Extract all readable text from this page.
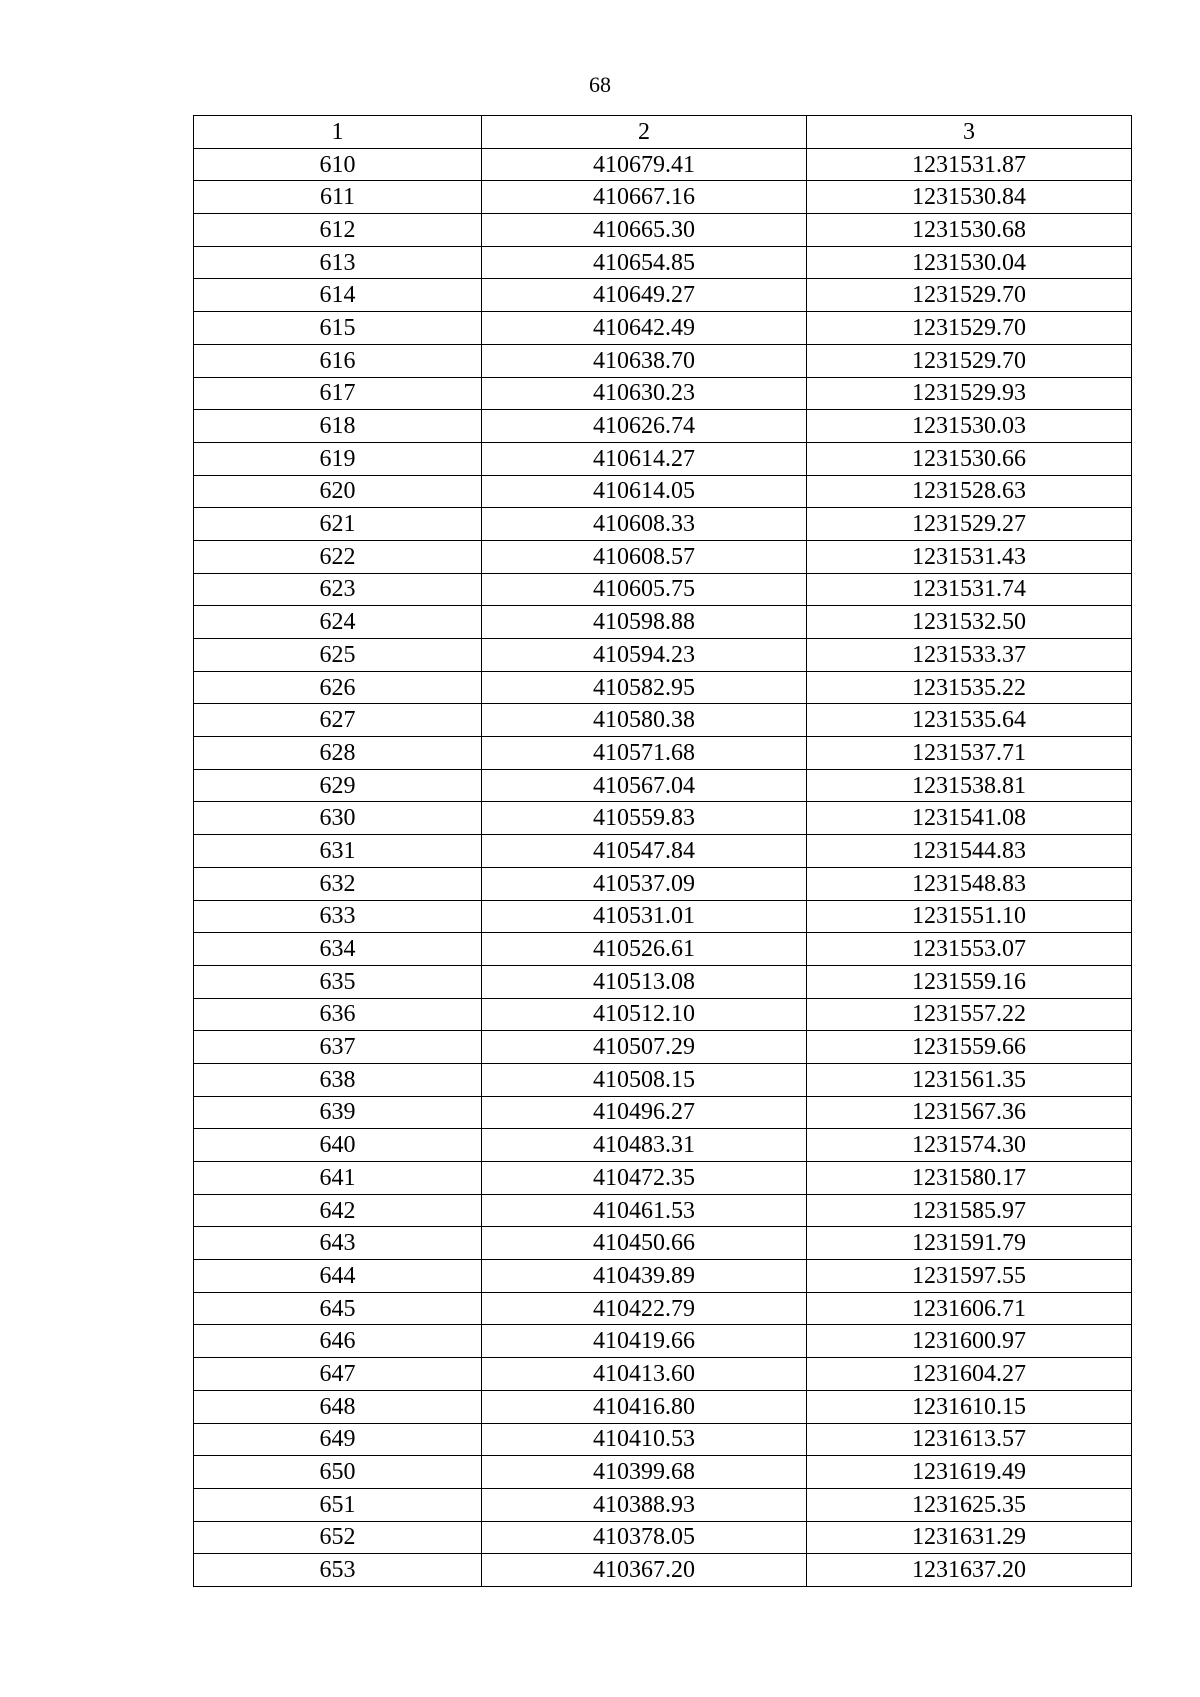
68
1	2	3
610	410679.41	1231531.87
611	410667.16	1231530.84
612	410665.30	1231530.68
613	410654.85	1231530.04
614	410649.27	1231529.70
615	410642.49	1231529.70
616	410638.70	1231529.70
617	410630.23	1231529.93
618	410626.74	1231530.03
619	410614.27	1231530.66
620	410614.05	1231528.63
621	410608.33	1231529.27
622	410608.57	1231531.43
623	410605.75	1231531.74
624	410598.88	1231532.50
625	410594.23	1231533.37
626	410582.95	1231535.22
627	410580.38	1231535.64
628	410571.68	1231537.71
629	410567.04	1231538.81
630	410559.83	1231541.08
631	410547.84	1231544.83
632	410537.09	1231548.83
633	410531.01	1231551.10
634	410526.61	1231553.07
635	410513.08	1231559.16
636	410512.10	1231557.22
637	410507.29	1231559.66
638	410508.15	1231561.35
639	410496.27	1231567.36
640	410483.31	1231574.30
641	410472.35	1231580.17
642	410461.53	1231585.97
643	410450.66	1231591.79
644	410439.89	1231597.55
645	410422.79	1231606.71
646	410419.66	1231600.97
647	410413.60	1231604.27
648	410416.80	1231610.15
649	410410.53	1231613.57
650	410399.68	1231619.49
651	410388.93	1231625.35
652	410378.05	1231631.29
653	410367.20	1231637.20
